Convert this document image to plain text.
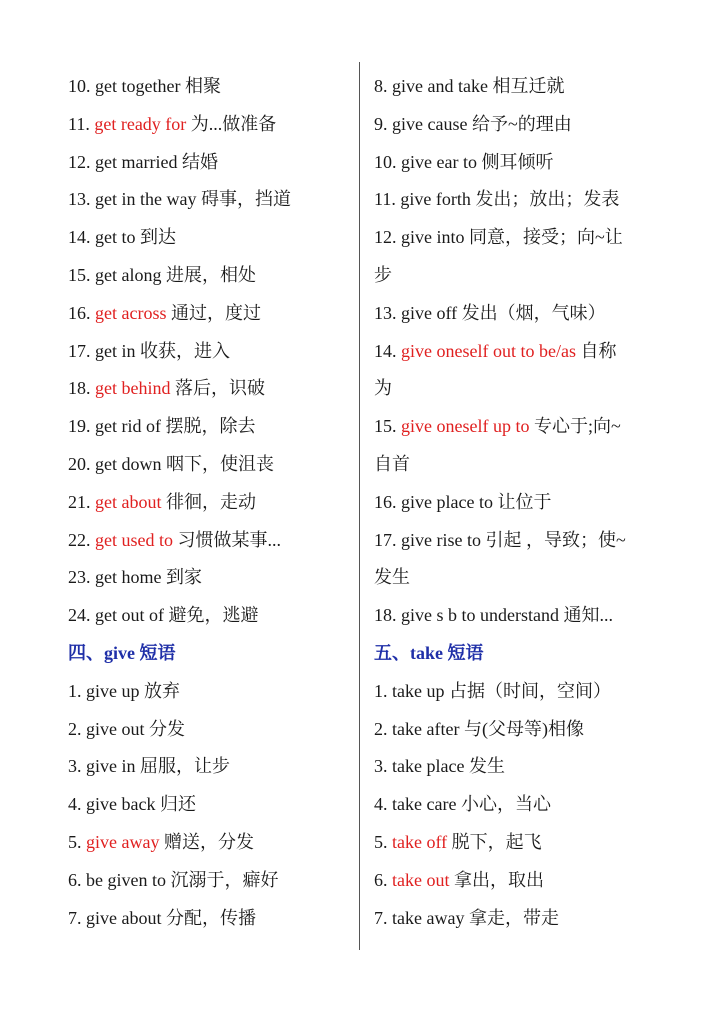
10. get together 相聚
11. get ready for 为...做准备
12. get married 结婚
13. get in the way 碍事，挡道
14. get to 到达
15. get along 进展，相处
16. get across 通过，度过
17. get in 收获，进入
18. get behind 落后，识破
19. get rid of 摆脱，除去
20. get down 咽下，使沮丧
21. get about 徘徊，走动
22. get used to 习惯做某事...
23. get home 到家
24. get out of 避免，逃避
四、give 短语
1. give up 放弃
2. give out 分发
3. give in 屈服，让步
4. give back 归还
5. give away 赠送，分发
6. be given to 沉溺于，癖好
7. give about 分配，传播
8. give and take 相互迁就
9. give cause 给予~的理由
10. give ear to 侧耳倾听
11. give forth 发出；放出；发表
12. give into 同意，接受；向~让
步
13. give off 发出（烟，气味）
14. give oneself out to be/as 自称
为
15. give oneself up to 专心于;向~
自首
16. give place to 让位于
17. give rise to 引起 ，导致；使~
发生
18. give s b to understand 通知...
五、take 短语
1. take up 占据（时间，空间）
2. take after 与(父母等)相像
3. take place 发生
4. take care 小心，当心
5. take off 脱下，起飞
6. take out 拿出，取出
7. take away 拿走，带走
